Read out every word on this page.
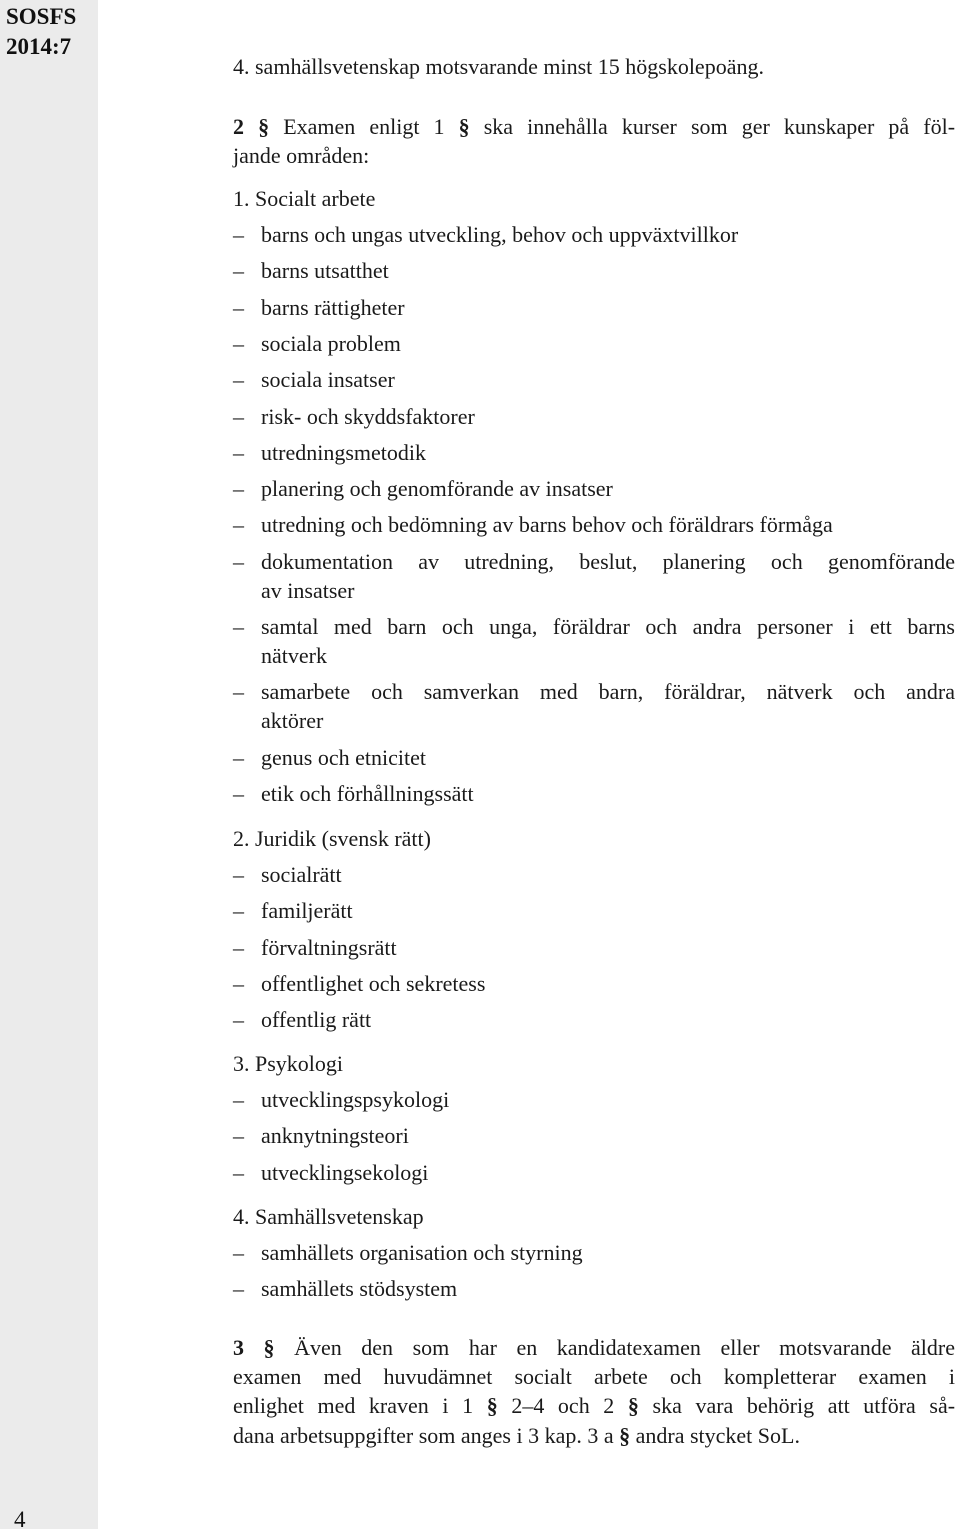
SOSFS
2014:7
4
4. samhällsvetenskap motsvarande minst 15 högskolepoäng.
2 § Examen enligt 1 § ska innehålla kurser som ger kunskaper på föl-
jande områden:
1. Socialt arbete
– barns och ungas utveckling, behov och uppväxtvillkor
– barns utsatthet
– barns rättigheter
– sociala problem
– sociala insatser
– risk- och skyddsfaktorer
– utredningsmetodik
– planering och genomförande av insatser
– utredning och bedömning av barns behov och föräldrars förmåga
– dokumentation av utredning, beslut, planering och genomförande
av insatser
– samtal med barn och unga, föräldrar och andra personer i ett barns
nätverk
– samarbete och samverkan med barn, föräldrar, nätverk och andra
aktörer
– genus och etnicitet
– etik och förhållningssätt
2. Juridik (svensk rätt)
– socialrätt
– familjerätt
– förvaltningsrätt
– offentlighet och sekretess
– offentlig rätt
3. Psykologi
– utvecklingspsykologi
– anknytningsteori
– utvecklingsekologi
4. Samhällsvetenskap
– samhällets organisation och styrning
– samhällets stödsystem
3 § Även den som har en kandidatexamen eller motsvarande äldre
examen med huvudämnet socialt arbete och kompletterar examen i
enlighet med kraven i 1 § 2–4 och 2 § ska vara behörig att utföra så-
dana arbetsuppgifter som anges i 3 kap. 3 a § andra stycket SoL.
